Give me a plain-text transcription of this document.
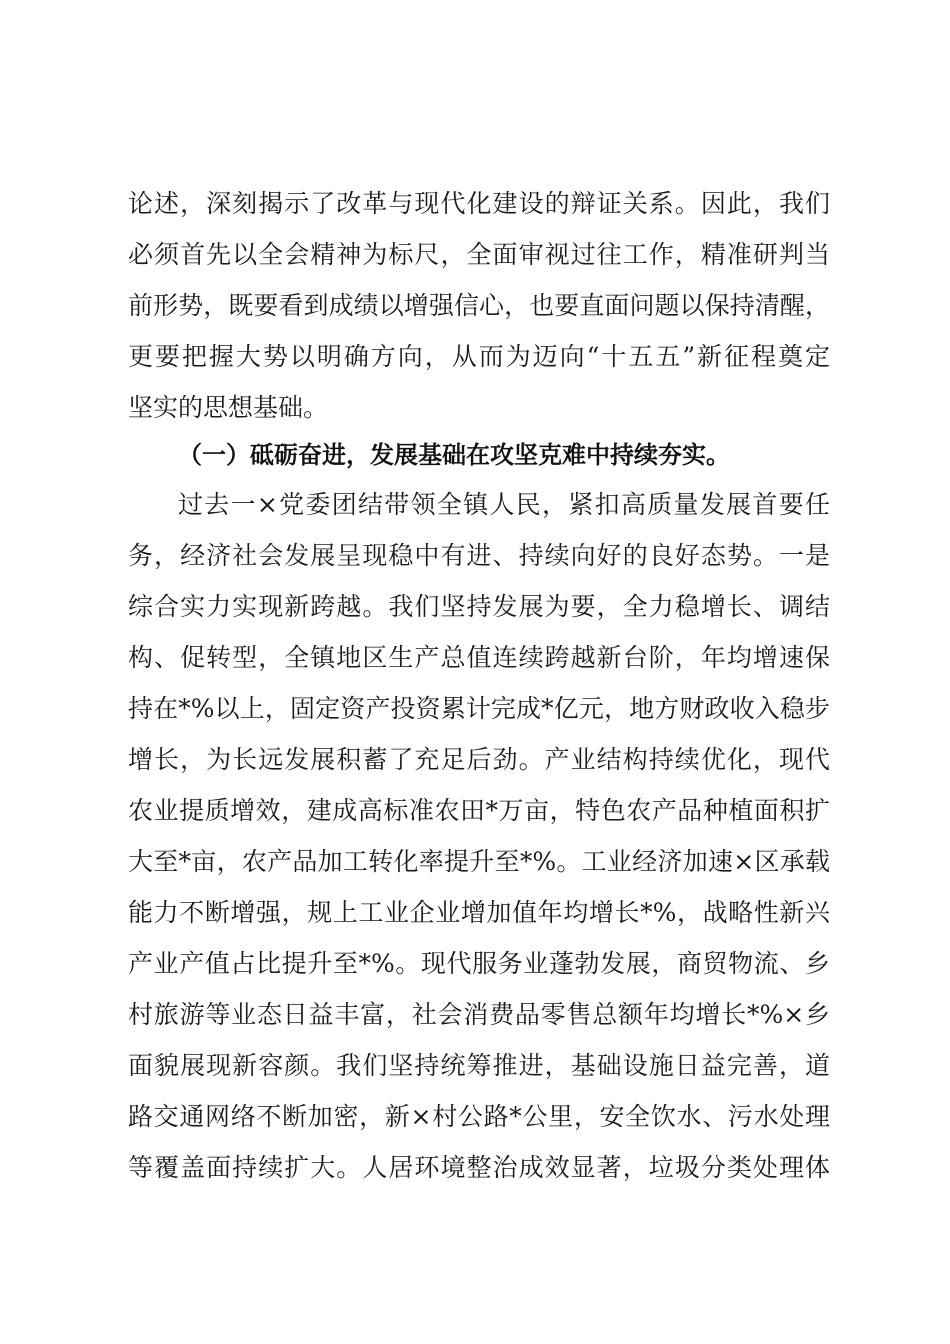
论述，深刻揭示了改革与现代化建设的辩证关系。因此，我们

必须首先以全会精神为标尺，全面审视过往工作，精准研判当

前形势，既要看到成绩以增强信心，也要直面问题以保持清醒，

更要把握大势以明确方向，从而为迈向“十五五”新征程奠定

坚实的思想基础。

（一）砥砺奋进，发展基础在攻坚克难中持续夯实。

过去一×党委团结带领全镇人民，紧扣高质量发展首要任

务，经济社会发展呈现稳中有进、持续向好的良好态势。一是

综合实力实现新跨越。我们坚持发展为要，全力稳增长、调结

构、促转型，全镇地区生产总值连续跨越新台阶，年均增速保

持在*%以上，固定资产投资累计完成*亿元，地方财政收入稳步

增长，为长远发展积蓄了充足后劲。产业结构持续优化，现代

农业提质增效，建成高标准农田*万亩，特色农产品种植面积扩

大至*亩，农产品加工转化率提升至*%。工业经济加速×区承载

能力不断增强，规上工业企业增加值年均增长*%，战略性新兴

产业产值占比提升至*%。现代服务业蓬勃发展，商贸物流、乡

村旅游等业态日益丰富，社会消费品零售总额年均增长*%×乡

面貌展现新容颜。我们坚持统筹推进，基础设施日益完善，道

路交通网络不断加密，新×村公路*公里，安全饮水、污水处理

等覆盖面持续扩大。人居环境整治成效显著，垃圾分类处理体
